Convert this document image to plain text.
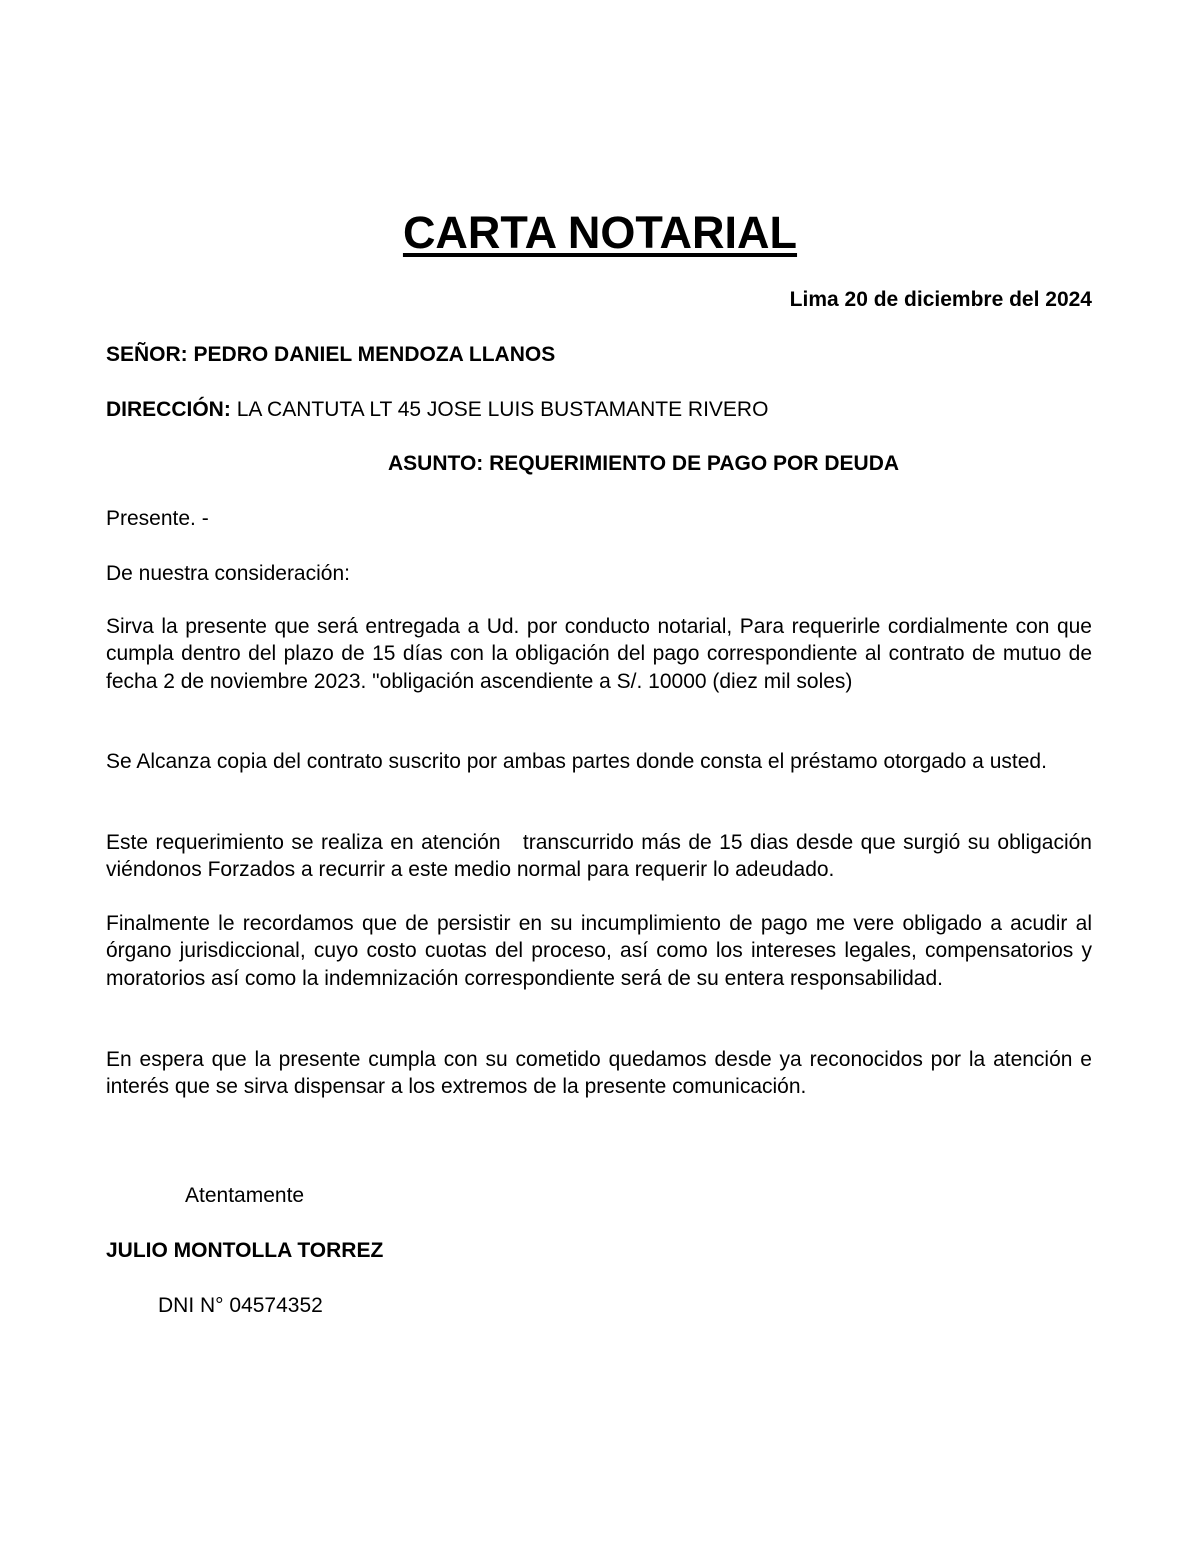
CARTA NOTARIAL
Lima 20 de diciembre del 2024
SEÑOR: PEDRO DANIEL MENDOZA LLANOS
DIRECCIÓN: LA CANTUTA LT 45 JOSE LUIS BUSTAMANTE RIVERO
ASUNTO: REQUERIMIENTO DE PAGO POR DEUDA
Presente. -
De nuestra consideración:
Sirva la presente que será entregada a Ud. por conducto notarial, Para requerirle cordialmente con que cumpla dentro del plazo de 15 días con la obligación del pago correspondiente al contrato de mutuo de fecha 2 de noviembre 2023. "obligación ascendiente a S/. 10000 (diez mil soles)
Se Alcanza copia del contrato suscrito por ambas partes donde consta el préstamo otorgado a usted.
Este requerimiento se realiza en atención   transcurrido más de 15 dias desde que surgió su obligación viéndonos Forzados a recurrir a este medio normal para requerir lo adeudado.
Finalmente le recordamos que de persistir en su incumplimiento de pago me vere obligado a acudir al órgano jurisdiccional, cuyo costo cuotas del proceso, así como los intereses legales, compensatorios y moratorios así como la indemnización correspondiente será de su entera responsabilidad.
En espera que la presente cumpla con su cometido quedamos desde ya reconocidos por la atención e interés que se sirva dispensar a los extremos de la presente comunicación.
Atentamente
JULIO MONTOLLA TORREZ
DNI N° 04574352
